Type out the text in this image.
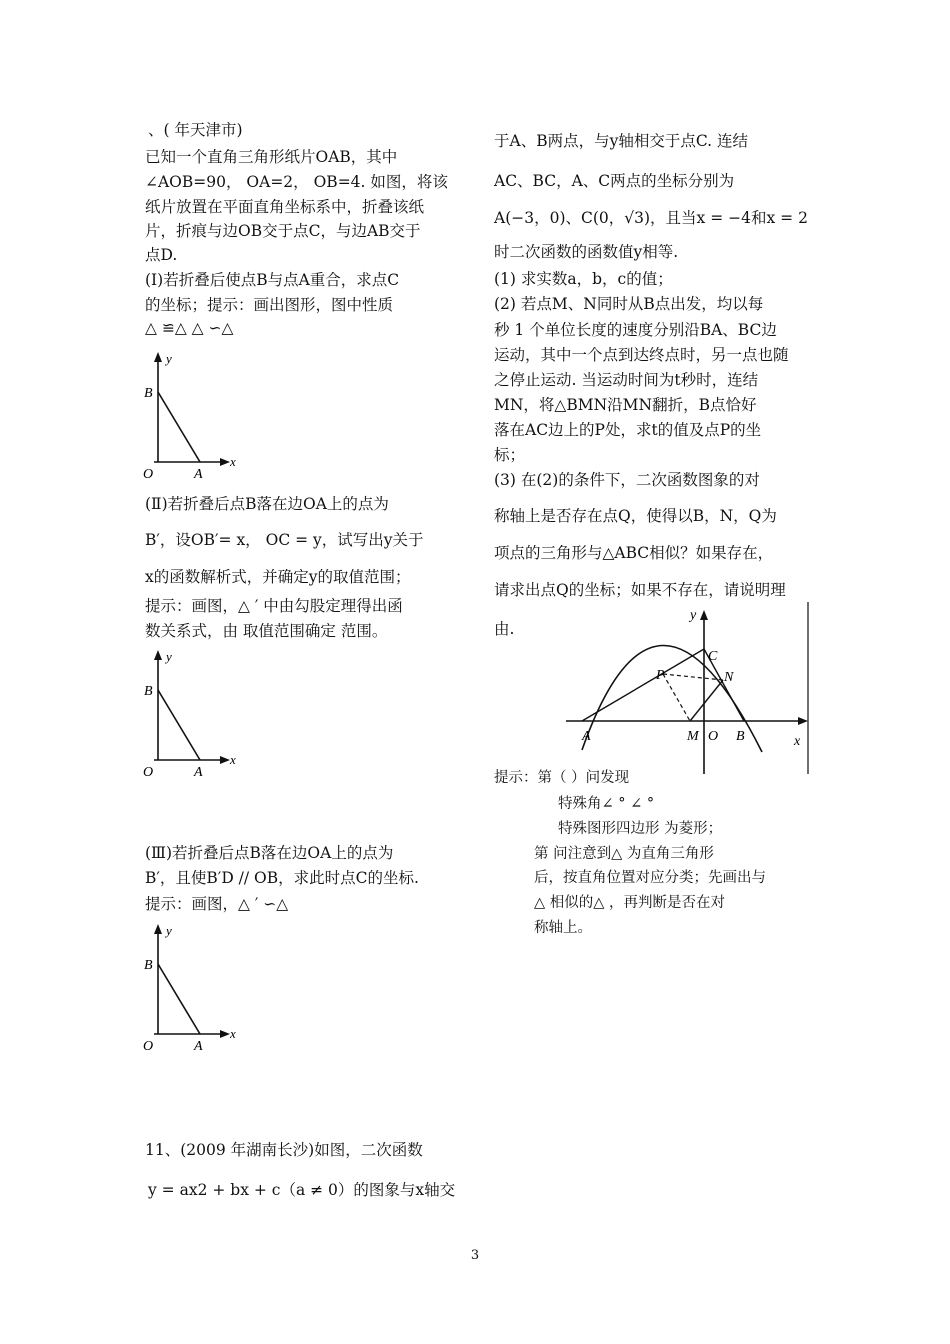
、( 年天津市)
已知一个直角三角形纸片OAB，其中
∠AOB=90， OA=2， OB=4. 如图，将该
纸片放置在平面直角坐标系中，折叠该纸
片，折痕与边OB交于点C，与边AB交于
点D.
(Ⅰ)若折叠后使点B与点A重合，求点C
的坐标；提示：画出图形，图中性质
△ ≌△ △ ∽△
y
x
B
O	A
(Ⅱ)若折叠后点B落在边OA上的点为
B′，设OB′= x， OC = y，试写出y关于
x的函数解析式，并确定y的取值范围；
提示：画图，△ ′ 中由勾股定理得出函
数关系式，由 取值范围确定 范围。
y
x
B
O	A
(Ⅲ)若折叠后点B落在边OA上的点为
B′，且使B′D // OB，求此时点C的坐标.
提示：画图，△ ′ ∽△
y
x
B
O	A
11、(2009 年湖南长沙)如图，二次函数
y = ax2 + bx + c（a ≠ 0）的图象与x轴交
于A、B两点，与y轴相交于点C. 连结
AC、BC，A、C两点的坐标分别为
A(−3，0)、C(0，√3)，且当x = −4和x = 2
时二次函数的函数值y相等.
(1) 求实数a，b，c的值；
(2) 若点M、N同时从B点出发，均以每
秒 1 个单位长度的速度分别沿BA、BC边
运动，其中一个点到达终点时，另一点也随
之停止运动. 当运动时间为t秒时，连结
MN，将△BMN沿MN翻折，B点恰好
落在AC边上的P处，求t的值及点P的坐
标；
(3) 在(2)的条件下，二次函数图象的对
称轴上是否存在点Q，使得以B，N，Q为
项点的三角形与△ABC相似？如果存在，
请求出点Q的坐标；如果不存在，请说明理
由.
y
x
A	B
C
P	N
M O
提示：第（ ）问发现
特殊角∠ ° ∠ °
特殊图形四边形 为菱形；
第 问注意到△ 为直角三角形
后，按直角位置对应分类；先画出与
△ 相似的△ ，再判断是否在对
称轴上。
3
